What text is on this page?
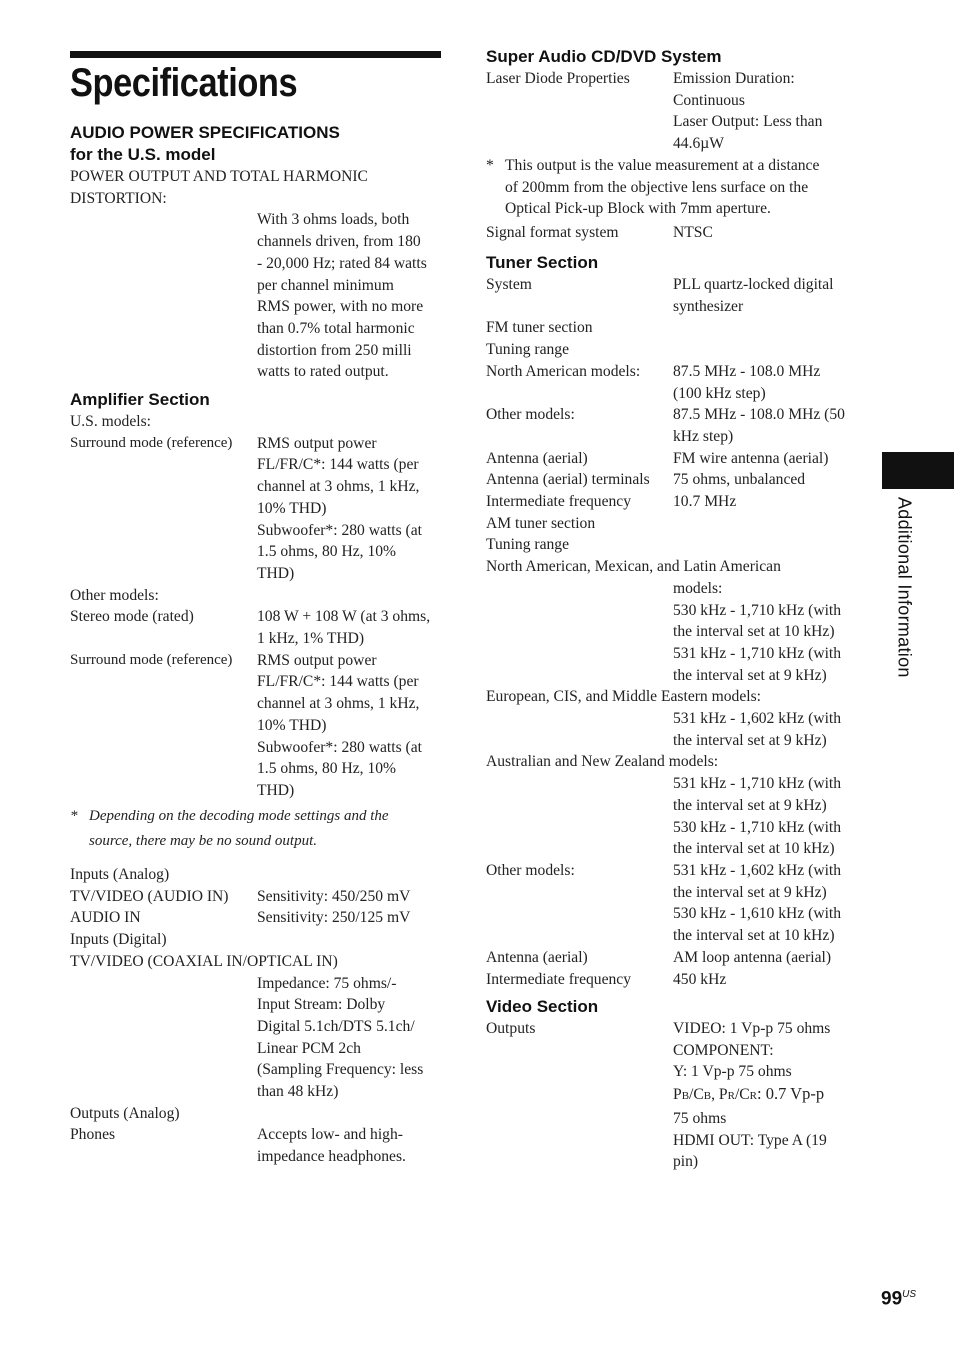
Specifications
AUDIO POWER SPECIFICATIONS
for the U.S. model
POWER OUTPUT AND TOTAL HARMONIC
DISTORTION:
With 3 ohms loads, both
channels driven, from 180
- 20,000 Hz; rated 84 watts
per channel minimum
RMS power, with no more
than 0.7% total harmonic
distortion from 250 milli
watts to rated output.
Amplifier Section
U.S. models:
Surround mode (reference)	RMS output power
FL/FR/C*: 144 watts (per
channel at 3 ohms, 1 kHz,
10% THD)
Subwoofer*: 280 watts (at
1.5 ohms, 80 Hz, 10%
THD)
Other models:
Stereo mode (rated)	108 W + 108 W (at 3 ohms,
1 kHz, 1% THD)
Surround mode (reference)	RMS output power
FL/FR/C*: 144 watts (per
channel at 3 ohms, 1 kHz,
10% THD)
Subwoofer*: 280 watts (at
1.5 ohms, 80 Hz, 10%
THD)
* Depending on the decoding mode settings and the
source, there may be no sound output.
Inputs (Analog)
TV/VIDEO (AUDIO IN)	Sensitivity: 450/250 mV
AUDIO IN	Sensitivity: 250/125 mV
Inputs (Digital)
TV/VIDEO (COAXIAL IN/OPTICAL IN)
Impedance: 75 ohms/-
Input Stream: Dolby
Digital 5.1ch/DTS 5.1ch/
Linear PCM 2ch
(Sampling Frequency: less
than 48 kHz)
Outputs (Analog)
Phones	Accepts low- and high-
impedance headphones.
Super Audio CD/DVD System
Laser Diode Properties	Emission Duration:
Continuous
Laser Output: Less than
44.6µW
* This output is the value measurement at a distance
of 200mm from the objective lens surface on the
Optical Pick-up Block with 7mm aperture.
Signal format system	NTSC
Tuner Section
System	PLL quartz-locked digital
synthesizer
FM tuner section
Tuning range
North American models:	87.5 MHz - 108.0 MHz
(100 kHz step)
Other models:	87.5 MHz - 108.0 MHz (50
kHz step)
Antenna (aerial)	FM wire antenna (aerial)
Antenna (aerial) terminals	75 ohms, unbalanced
Intermediate frequency	10.7 MHz
AM tuner section
Tuning range
North American, Mexican, and Latin American
models:
530 kHz - 1,710 kHz (with
the interval set at 10 kHz)
531 kHz - 1,710 kHz (with
the interval set at 9 kHz)
European, CIS, and Middle Eastern models:
531 kHz - 1,602 kHz (with
the interval set at 9 kHz)
Australian and New Zealand models:
531 kHz - 1,710 kHz (with
the interval set at 9 kHz)
530 kHz - 1,710 kHz (with
the interval set at 10 kHz)
Other models:	531 kHz - 1,602 kHz (with
the interval set at 9 kHz)
530 kHz - 1,610 kHz (with
the interval set at 10 kHz)
Antenna (aerial)	AM loop antenna (aerial)
Intermediate frequency	450 kHz
Video Section
Outputs	VIDEO: 1 Vp-p 75 ohms
COMPONENT:
Y: 1 Vp-p 75 ohms
PB/CB, PR/CR: 0.7 Vp-p
75 ohms
HDMI OUT: Type A (19
pin)
Additional Information
$99^{US}$
